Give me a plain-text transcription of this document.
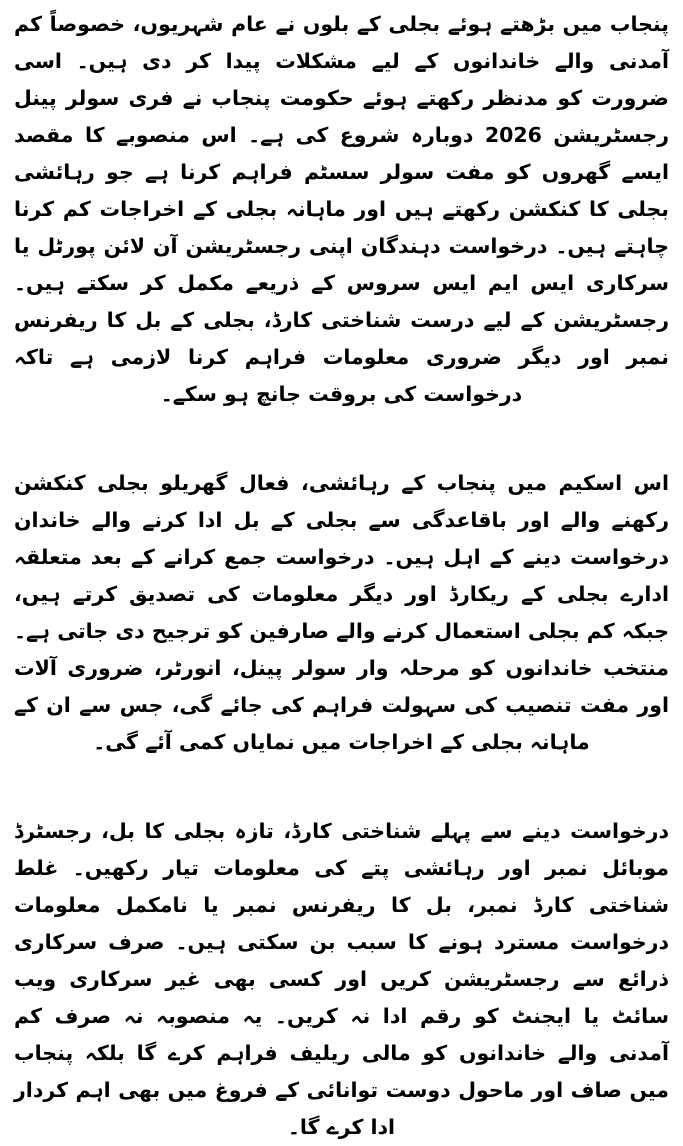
پنجاب میں بڑھتے ہوئے بجلی کے بلوں نے عام شہریوں، خصوصاً کم آمدنی والے خاندانوں کے لیے مشکلات پیدا کر دی ہیں۔ اسی ضرورت کو مدنظر رکھتے ہوئے حکومت پنجاب نے فری سولر پینل رجسٹریشن 2026 دوبارہ شروع کی ہے۔ اس منصوبے کا مقصد ایسے گھروں کو مفت سولر سسٹم فراہم کرنا ہے جو رہائشی بجلی کا کنکشن رکھتے ہیں اور ماہانہ بجلی کے اخراجات کم کرنا چاہتے ہیں۔ درخواست دہندگان اپنی رجسٹریشن آن لائن پورٹل یا سرکاری ایس ایم ایس سروس کے ذریعے مکمل کر سکتے ہیں۔ رجسٹریشن کے لیے درست شناختی کارڈ، بجلی کے بل کا ریفرنس نمبر اور دیگر ضروری معلومات فراہم کرنا لازمی ہے تاکہ درخواست کی بروقت جانچ ہو سکے۔

اس اسکیم میں پنجاب کے رہائشی، فعال گھریلو بجلی کنکشن رکھنے والے اور باقاعدگی سے بجلی کے بل ادا کرنے والے خاندان درخواست دینے کے اہل ہیں۔ درخواست جمع کرانے کے بعد متعلقہ ادارے بجلی کے ریکارڈ اور دیگر معلومات کی تصدیق کرتے ہیں، جبکہ کم بجلی استعمال کرنے والے صارفین کو ترجیح دی جاتی ہے۔ منتخب خاندانوں کو مرحلہ وار سولر پینل، انورٹر، ضروری آلات اور مفت تنصیب کی سہولت فراہم کی جائے گی، جس سے ان کے ماہانہ بجلی کے اخراجات میں نمایاں کمی آئے گی۔

درخواست دینے سے پہلے شناختی کارڈ، تازہ بجلی کا بل، رجسٹرڈ موبائل نمبر اور رہائشی پتے کی معلومات تیار رکھیں۔ غلط شناختی کارڈ نمبر، بل کا ریفرنس نمبر یا نامکمل معلومات درخواست مسترد ہونے کا سبب بن سکتی ہیں۔ صرف سرکاری ذرائع سے رجسٹریشن کریں اور کسی بھی غیر سرکاری ویب سائٹ یا ایجنٹ کو رقم ادا نہ کریں۔ یہ منصوبہ نہ صرف کم آمدنی والے خاندانوں کو مالی ریلیف فراہم کرے گا بلکہ پنجاب میں صاف اور ماحول دوست توانائی کے فروغ میں بھی اہم کردار ادا کرے گا۔
